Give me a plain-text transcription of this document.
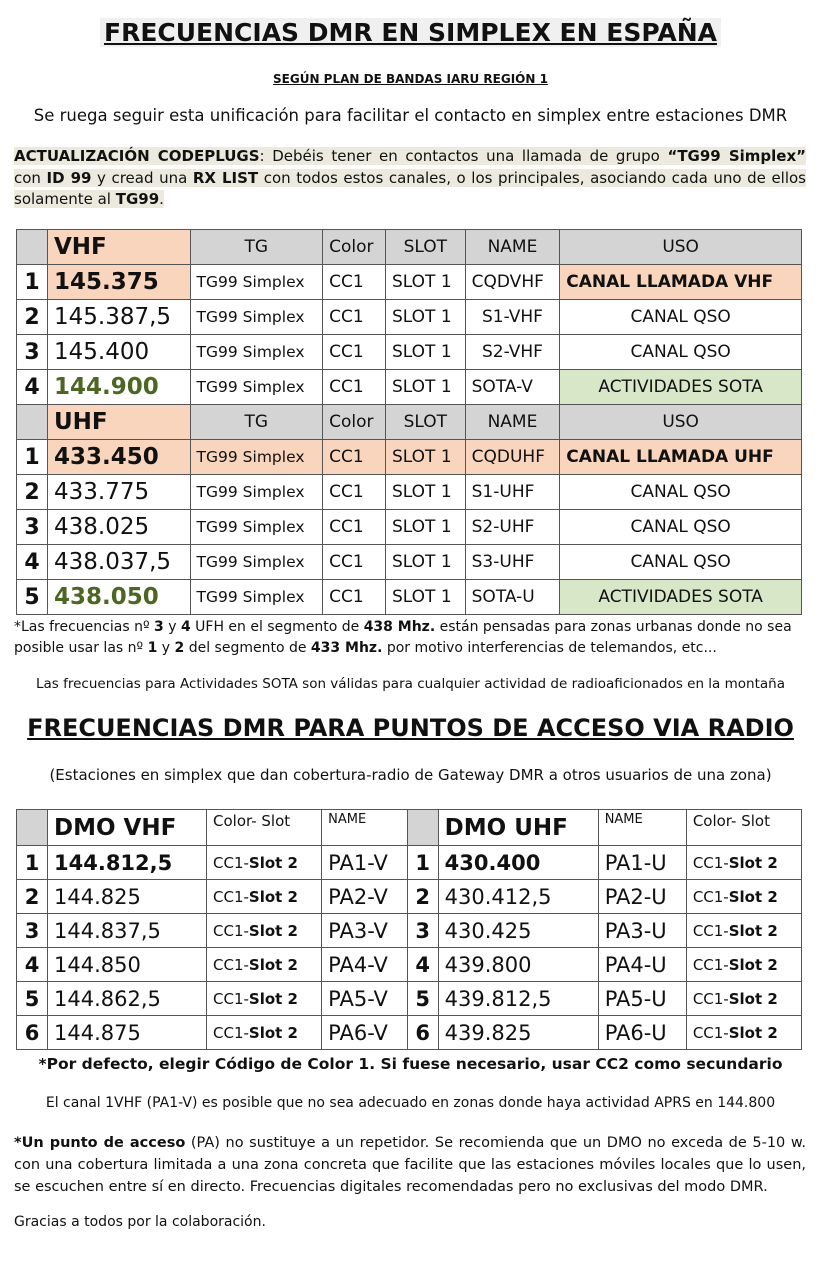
FRECUENCIAS DMR EN SIMPLEX EN ESPAÑA
SEGÚN PLAN DE BANDAS IARU REGIÓN 1
Se ruega seguir esta unificación para facilitar el contacto en simplex entre estaciones DMR
ACTUALIZACIÓN CODEPLUGS: Debéis tener en contactos una llamada de grupo “TG99 Simplex” con ID 99 y cread una RX LIST con todos estos canales, o los principales, asociando cada uno de ellos solamente al TG99.
	VHF	TG	Color	SLOT	NAME	USO
1	145.375	TG99 Simplex	CC1	SLOT 1	CQDVHF	CANAL LLAMADA VHF
2	145.387,5	TG99 Simplex	CC1	SLOT 1	S1-VHF	CANAL QSO
3	145.400	TG99 Simplex	CC1	SLOT 1	S2-VHF	CANAL QSO
4	144.900	TG99 Simplex	CC1	SLOT 1	SOTA-V	ACTIVIDADES SOTA
	UHF	TG	Color	SLOT	NAME	USO
1	433.450	TG99 Simplex	CC1	SLOT 1	CQDUHF	CANAL LLAMADA UHF
2	433.775	TG99 Simplex	CC1	SLOT 1	S1-UHF	CANAL QSO
3	438.025	TG99 Simplex	CC1	SLOT 1	S2-UHF	CANAL QSO
4	438.037,5	TG99 Simplex	CC1	SLOT 1	S3-UHF	CANAL QSO
5	438.050	TG99 Simplex	CC1	SLOT 1	SOTA-U	ACTIVIDADES SOTA
*Las frecuencias nº 3 y 4 UFH en el segmento de 438 Mhz. están pensadas para zonas urbanas donde no sea posible usar las nº 1 y 2 del segmento de 433 Mhz. por motivo interferencias de telemandos, etc...
Las frecuencias para Actividades SOTA son válidas para cualquier actividad de radioaficionados en la montaña
FRECUENCIAS DMR PARA PUNTOS DE ACCESO VIA RADIO
(Estaciones en simplex que dan cobertura-radio de Gateway DMR a otros usuarios de una zona)
	DMO VHF	Color- Slot	NAME		DMO UHF	NAME	Color- Slot
1	144.812,5	CC1-Slot 2	PA1-V	1	430.400	PA1-U	CC1-Slot 2
2	144.825	CC1-Slot 2	PA2-V	2	430.412,5	PA2-U	CC1-Slot 2
3	144.837,5	CC1-Slot 2	PA3-V	3	430.425	PA3-U	CC1-Slot 2
4	144.850	CC1-Slot 2	PA4-V	4	439.800	PA4-U	CC1-Slot 2
5	144.862,5	CC1-Slot 2	PA5-V	5	439.812,5	PA5-U	CC1-Slot 2
6	144.875	CC1-Slot 2	PA6-V	6	439.825	PA6-U	CC1-Slot 2
*Por defecto, elegir Código de Color 1. Si fuese necesario, usar CC2 como secundario
El canal 1VHF (PA1-V) es posible que no sea adecuado en zonas donde haya actividad APRS en 144.800
*Un punto de acceso (PA) no sustituye a un repetidor. Se recomienda que un DMO no exceda de 5-10 w. con una cobertura limitada a una zona concreta que facilite que las estaciones móviles locales que lo usen, se escuchen entre sí en directo. Frecuencias digitales recomendadas pero no exclusivas del modo DMR.
Gracias a todos por la colaboración.
